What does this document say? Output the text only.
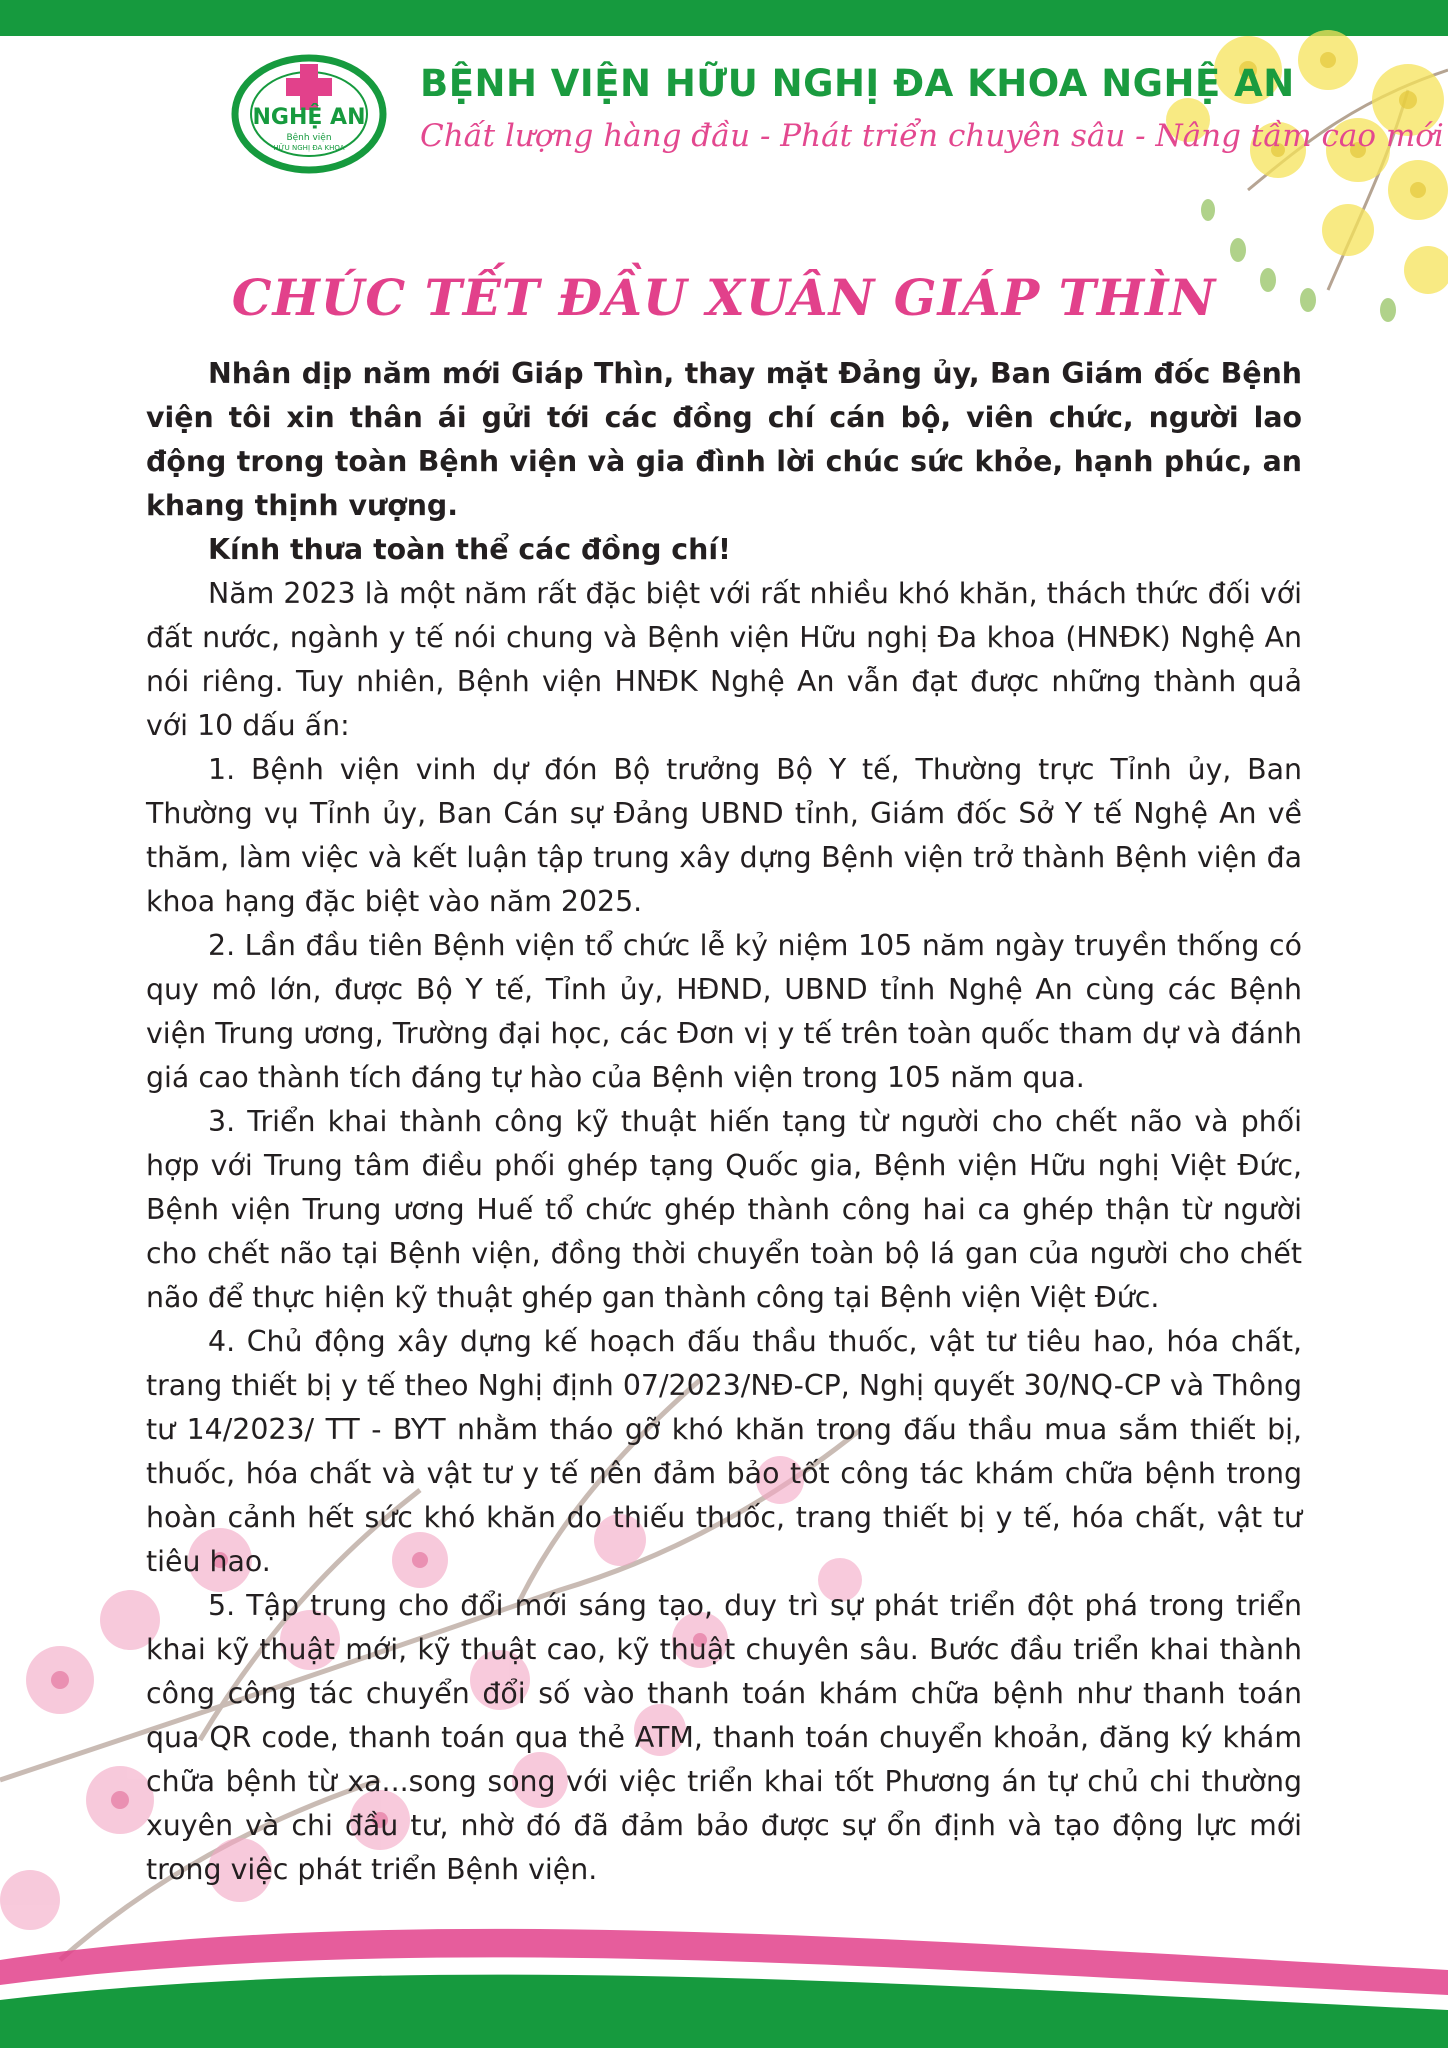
NGHỆ AN
Bệnh viện
HỮU NGHỊ ĐA KHOA
BỆNH VIỆN HỮU NGHỊ ĐA KHOA NGHỆ AN
Chất lượng hàng đầu - Phát triển chuyên sâu - Nâng tầm cao mới
CHÚC TẾT ĐẦU XUÂN GIÁP THÌN

Nhân dịp năm mới Giáp Thìn, thay mặt Đảng ủy, Ban Giám đốc Bệnh viện tôi xin thân ái gửi tới các đồng chí cán bộ, viên chức, người lao động trong toàn Bệnh viện và gia đình lời chúc sức khỏe, hạnh phúc, an khang thịnh vượng.

Kính thưa toàn thể các đồng chí!

Năm 2023 là một năm rất đặc biệt với rất nhiều khó khăn, thách thức đối với đất nước, ngành y tế nói chung và Bệnh viện Hữu nghị Đa khoa (HNĐK) Nghệ An nói riêng. Tuy nhiên, Bệnh viện HNĐK Nghệ An vẫn đạt được những thành quả với 10 dấu ấn:

1. Bệnh viện vinh dự đón Bộ trưởng Bộ Y tế, Thường trực Tỉnh ủy, Ban Thường vụ Tỉnh ủy, Ban Cán sự Đảng UBND tỉnh, Giám đốc Sở Y tế Nghệ An về thăm, làm việc và kết luận tập trung xây dựng Bệnh viện trở thành Bệnh viện đa khoa hạng đặc biệt vào năm 2025.

2. Lần đầu tiên Bệnh viện tổ chức lễ kỷ niệm 105 năm ngày truyền thống có quy mô lớn, được Bộ Y tế, Tỉnh ủy, HĐND, UBND tỉnh Nghệ An cùng các Bệnh viện Trung ương, Trường đại học, các Đơn vị y tế trên toàn quốc tham dự và đánh giá cao thành tích đáng tự hào của Bệnh viện trong 105 năm qua.

3. Triển khai thành công kỹ thuật hiến tạng từ người cho chết não và phối hợp với Trung tâm điều phối ghép tạng Quốc gia, Bệnh viện Hữu nghị Việt Đức, Bệnh viện Trung ương Huế tổ chức ghép thành công hai ca ghép thận từ người cho chết não tại Bệnh viện, đồng thời chuyển toàn bộ lá gan của người cho chết não để thực hiện kỹ thuật ghép gan thành công tại Bệnh viện Việt Đức.

4. Chủ động xây dựng kế hoạch đấu thầu thuốc, vật tư tiêu hao, hóa chất, trang thiết bị y tế theo Nghị định 07/2023/NĐ-CP, Nghị quyết 30/NQ-CP và Thông tư 14/2023/ TT - BYT nhằm tháo gỡ khó khăn trong đấu thầu mua sắm thiết bị, thuốc, hóa chất và vật tư y tế nên đảm bảo tốt công tác khám chữa bệnh trong hoàn cảnh hết sức khó khăn do thiếu thuốc, trang thiết bị y tế, hóa chất, vật tư tiêu hao.

5. Tập trung cho đổi mới sáng tạo, duy trì sự phát triển đột phá trong triển khai kỹ thuật mới, kỹ thuật cao, kỹ thuật chuyên sâu. Bước đầu triển khai thành công công tác chuyển đổi số vào thanh toán khám chữa bệnh như thanh toán qua QR code, thanh toán qua thẻ ATM, thanh toán chuyển khoản, đăng ký khám chữa bệnh từ xa...song song với việc triển khai tốt Phương án tự chủ chi thường xuyên và chi đầu tư, nhờ đó đã đảm bảo được sự ổn định và tạo động lực mới trong việc phát triển Bệnh viện.
